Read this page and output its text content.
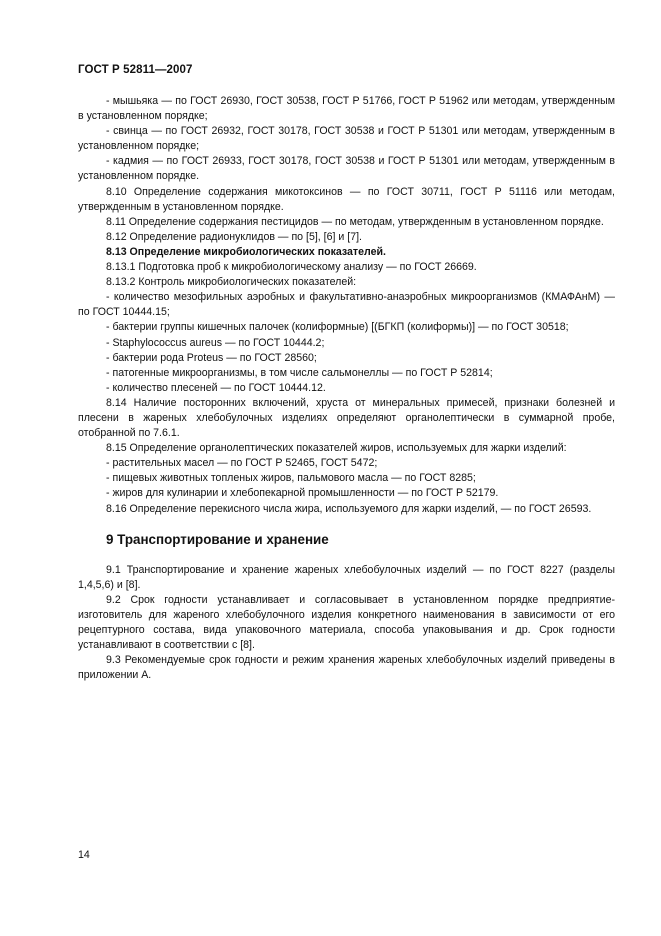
ГОСТ Р 52811—2007

- мышьяка — по ГОСТ 26930, ГОСТ 30538, ГОСТ Р 51766, ГОСТ Р 51962 или методам, утвержденным в установленном порядке;

- свинца — по ГОСТ 26932, ГОСТ 30178, ГОСТ 30538 и ГОСТ Р 51301 или методам, утвержденным в установленном порядке;

- кадмия — по ГОСТ 26933, ГОСТ 30178, ГОСТ 30538 и ГОСТ Р 51301 или методам, утвержденным в установленном порядке.

8.10 Определение содержания микотоксинов — по ГОСТ 30711, ГОСТ Р 51116 или методам, утвержденным в установленном порядке.

8.11 Определение содержания пестицидов — по методам, утвержденным в установленном порядке.

8.12 Определение радионуклидов — по [5], [6] и [7].

8.13 Определение микробиологических показателей.

8.13.1 Подготовка проб к микробиологическому анализу — по ГОСТ 26669.

8.13.2 Контроль микробиологических показателей:

- количество мезофильных аэробных и факультативно-анаэробных микроорганизмов (КМАФАнМ) — по ГОСТ 10444.15;

- бактерии группы кишечных палочек (колиформные) [(БГКП (колиформы)] — по ГОСТ 30518;

- Staphylococcus aureus — по ГОСТ 10444.2;

- бактерии рода Proteus — по ГОСТ 28560;

- патогенные микроорганизмы, в том числе сальмонеллы — по ГОСТ Р 52814;

- количество плесеней — по ГОСТ 10444.12.

8.14 Наличие посторонних включений, хруста от минеральных примесей, признаки болезней и плесени в жареных хлебобулочных изделиях определяют органолептически в суммарной пробе, отобранной по 7.6.1.

8.15 Определение органолептических показателей жиров, используемых для жарки изделий:

- растительных масел — по ГОСТ Р 52465, ГОСТ 5472;

- пищевых животных топленых жиров, пальмового масла — по ГОСТ 8285;

- жиров для кулинарии и хлебопекарной промышленности — по ГОСТ Р 52179.

8.16 Определение перекисного числа жира, используемого для жарки изделий, — по ГОСТ 26593.

9 Транспортирование и хранение

9.1 Транспортирование и хранение жареных хлебобулочных изделий — по ГОСТ 8227 (разделы 1,4,5,6) и [8].

9.2 Срок годности устанавливает и согласовывает в установленном порядке предприятие-изготовитель для жареного хлебобулочного изделия конкретного наименования в зависимости от его рецептурного состава, вида упаковочного материала, способа упаковывания и др. Срок годности устанавливают в соответствии с [8].

9.3 Рекомендуемые срок годности и режим хранения жареных хлебобулочных изделий приведены в приложении А.

14
